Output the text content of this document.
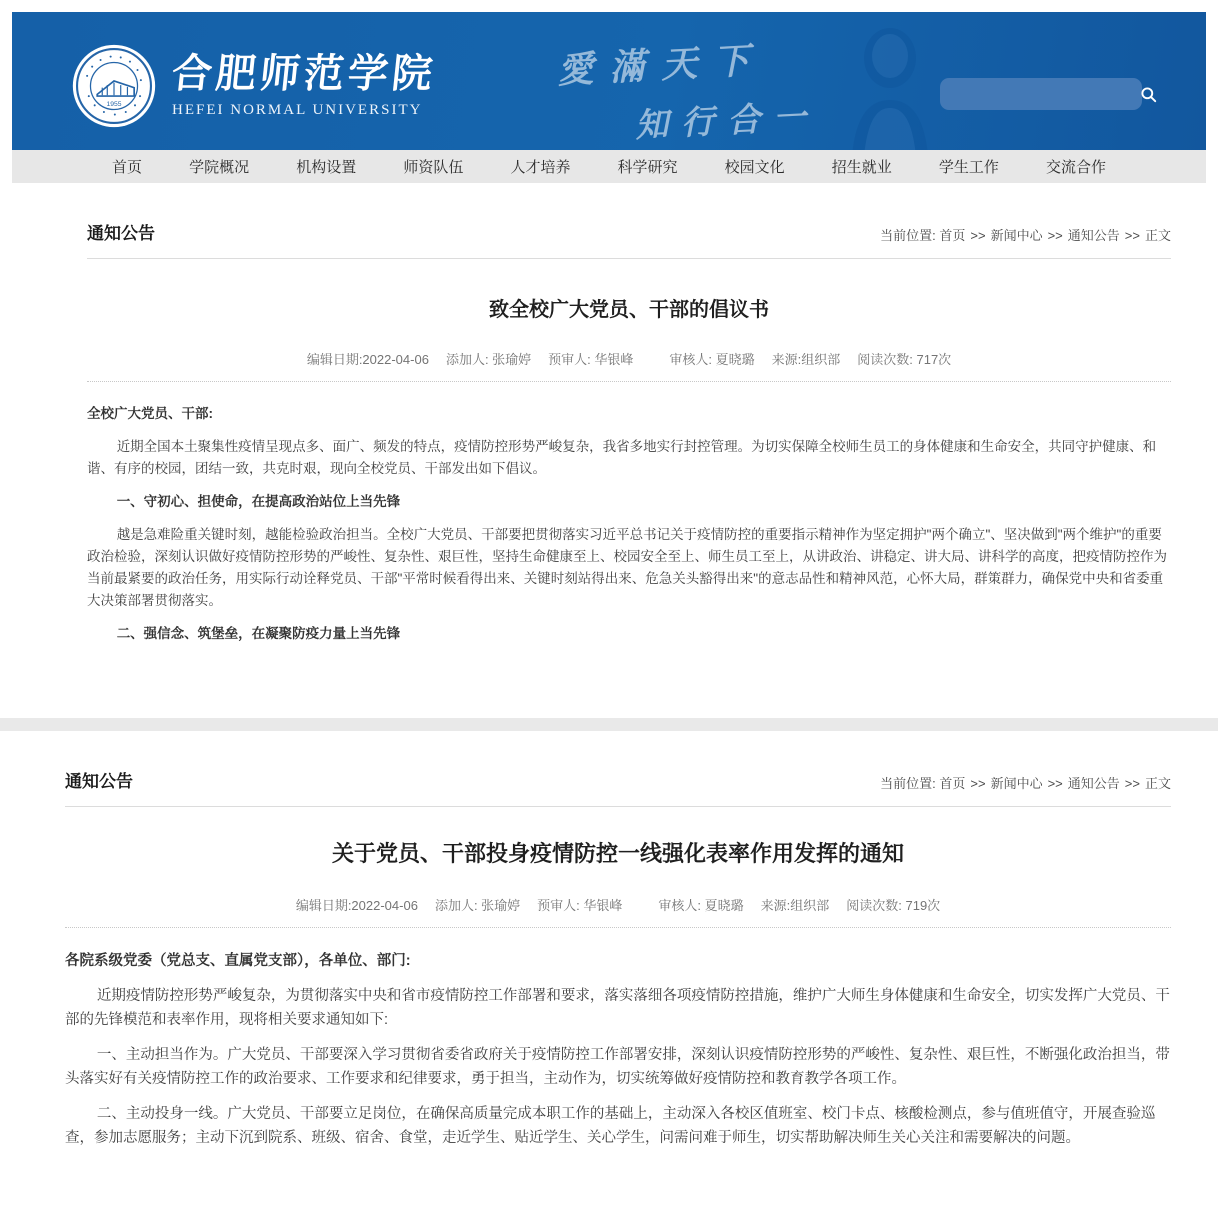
1955
合肥师范学院
HEFEI NORMAL UNIVERSITY
愛滿天下
知行合一
首页	学院概况	机构设置	师资队伍	人才培养	科学研究	校园文化	招生就业	学生工作	交流合作
通知公告	当前位置: 首页 >> 新闻中心 >> 通知公告 >> 正文
致全校广大党员、干部的倡议书
编辑日期:2022-04-06 添加人: 张瑜婷 预审人: 华银峰	审核人: 夏晓璐 来源:组织部 阅读次数: 717次

全校广大党员、干部:

近期全国本土聚集性疫情呈现点多、面广、频发的特点，疫情防控形势严峻复杂，我省多地实行封控管理。为切实保障全校师生员工的身体健康和生命安全，共同守护健康、和谐、有序的校园，团结一致，共克时艰，现向全校党员、干部发出如下倡议。

一、守初心、担使命，在提高政治站位上当先锋

越是急难险重关键时刻，越能检验政治担当。全校广大党员、干部要把贯彻落实习近平总书记关于疫情防控的重要指示精神作为坚定拥护"两个确立"、坚决做到"两个维护"的重要政治检验，深刻认识做好疫情防控形势的严峻性、复杂性、艰巨性，坚持生命健康至上、校园安全至上、师生员工至上，从讲政治、讲稳定、讲大局、讲科学的高度，把疫情防控作为当前最紧要的政治任务，用实际行动诠释党员、干部"平常时候看得出来、关键时刻站得出来、危急关头豁得出来"的意志品性和精神风范，心怀大局，群策群力，确保党中央和省委重大决策部署贯彻落实。

二、强信念、筑堡垒，在凝聚防疫力量上当先锋

通知公告	当前位置: 首页 >> 新闻中心 >> 通知公告 >> 正文
关于党员、干部投身疫情防控一线强化表率作用发挥的通知
编辑日期:2022-04-06 添加人: 张瑜婷 预审人: 华银峰	审核人: 夏晓璐 来源:组织部 阅读次数: 719次

各院系级党委（党总支、直属党支部），各单位、部门:

近期疫情防控形势严峻复杂，为贯彻落实中央和省市疫情防控工作部署和要求，落实落细各项疫情防控措施，维护广大师生身体健康和生命安全，切实发挥广大党员、干部的先锋模范和表率作用，现将相关要求通知如下:

一、主动担当作为。广大党员、干部要深入学习贯彻省委省政府关于疫情防控工作部署安排，深刻认识疫情防控形势的严峻性、复杂性、艰巨性，不断强化政治担当，带头落实好有关疫情防控工作的政治要求、工作要求和纪律要求，勇于担当，主动作为，切实统筹做好疫情防控和教育教学各项工作。

二、主动投身一线。广大党员、干部要立足岗位，在确保高质量完成本职工作的基础上，主动深入各校区值班室、校门卡点、核酸检测点，参与值班值守，开展查验巡查，参加志愿服务；主动下沉到院系、班级、宿舍、食堂，走近学生、贴近学生、关心学生，问需问难于师生，切实帮助解决师生关心关注和需要解决的问题。
